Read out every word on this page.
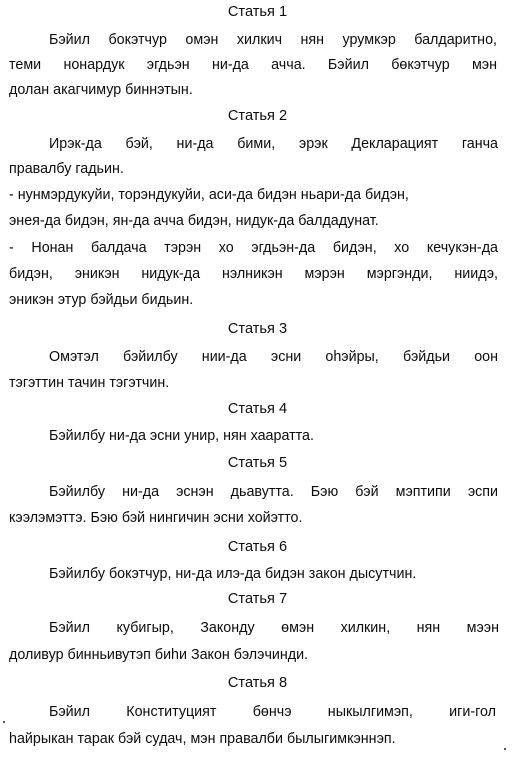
Статья 1
Бэйил бокэтчур омэн хилкич нян урумкэр балдаритно,
теми нонардук эгдьэн ни-да аччa. Бэйил бөкэтчур мэн
долан акагчимур биннэтын.
Статья 2
Ирэк-да бэй, ни-да бими, эрэк Декларацият ганча
правалбу гадьин.
- нунмэрдукуйи, торэндукуйи, аси-да бидэн ньари-да бидэн,
энея-да бидэн, ян-да аччa бидэн, нидук-да балдадунат.
- Нонан балдача тэрэн хо эгдьэн-да бидэн, хо кечукэн-да
бидэн, эникэн нидук-да нэлникэн мэрэн мэргэнди, ниидэ,
эникэн этур бэйдьи бидьин.
Статья 3
Омэтэл бэйилбу нии-да эсни оhэйры, бэйдьи оон
тэгэттин тачин тэгэтчин.
Статья 4
Бэйилбу ни-да эсни унир, нян хааратта.
Статья 5
Бэйилбу ни-да эснэн дьавутта. Бэю бэй мэптипи эспи
кээлэмэттэ. Бэю бэй нингичин эсни хойэтто.
Статья 6
Бэйилбу бокэтчур, ни-да илэ-да бидэн закон дысутчин.
Статья 7
Бэйил кубигыр, Законду өмэн хилкин, нян мээн
доливур бинньивутэп биhи Закон бэлэчинди.
Статья 8
Бэйил Конституцият бөнчэ ныкылгимэп, иги-гол
hайрыкан тарак бэй судач, мэн правалби былыгимкэннэп.
